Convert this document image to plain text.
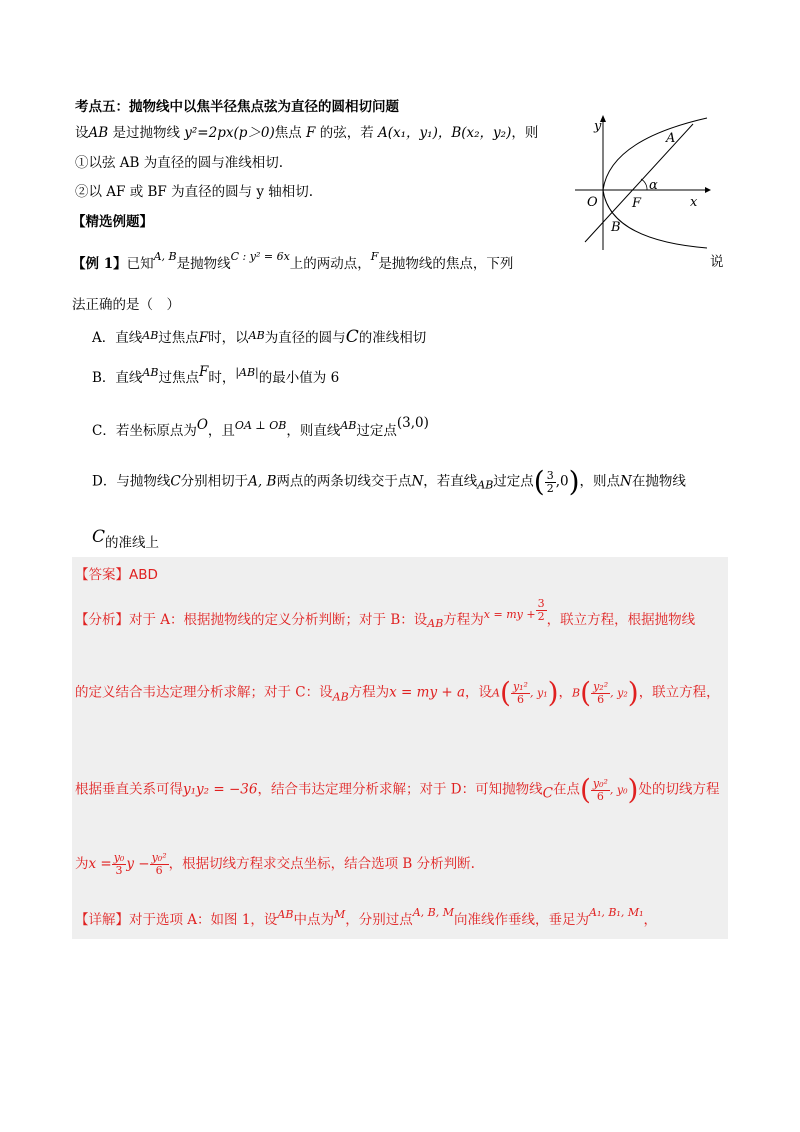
考点五：抛物线中以焦半径焦点弦为直径的圆相切问题
设AB 是过抛物线 y²=2px(p＞0)焦点 F 的弦，若 A(x₁，y₁)，B(x₂，y₂)，则
①以弦 AB 为直径的圆与准线相切.
②以 AF 或 BF 为直径的圆与 y 轴相切.
【精选例题】
y
x
O
A
B
F
α
【例 1】已知$^{A, B}$是抛物线$^{C : y^2 = 6x}$上的两动点，$^F$是抛物线的焦点，下列	说
法正确的是（　）
A．直线$^{AB}$过焦点F时，以$^{AB}$为直径的圆与C的准线相切
B．直线$^{AB}$过焦点F时，$^{|AB|}$的最小值为 6
C．若坐标原点为O，且$^{OA \perp OB}$，则直线$^{AB}$过定点(3,0)
D．与抛物线C分别相切于A, B两点的两条切线交于点N，若直线$_{AB}$过定点( $\frac{3}{2} ,0$)，则点N在抛物线
C的准线上
【答案】ABD
【分析】对于 A：根据抛物线的定义分析判断；对于 B：设$_{AB}$方程为$^{x = my +} \frac{3}{2}$ ，联立方程，根据抛物线
的定义结合韦达定理分析求解；对于 C：设$_{AB}$方程为x = my + a，设$A( \frac{\text{y₁²}}{6}$ , y₁)，$B( \frac{\text{y₂²}}{6}$ , y₂)，联立方程，
根据垂直关系可得y₁y₂ = −36，结合韦达定理分析求解；对于 D：可知抛物线C在点( $\frac{\text{y₀²}}{6}$ , y₀)处的切线方程
为$x = \frac{\text{y₀}}{3}$ $y - \frac{\text{y₀²}}{6}$ ，根据切线方程求交点坐标，结合选项 B 分析判断.
【详解】对于选项 A：如图 1，设$^{AB}$中点为$^M$，分别过点$^{A, B, M}$向准线作垂线，垂足为$^{A_1, B_1, M_1}$，
